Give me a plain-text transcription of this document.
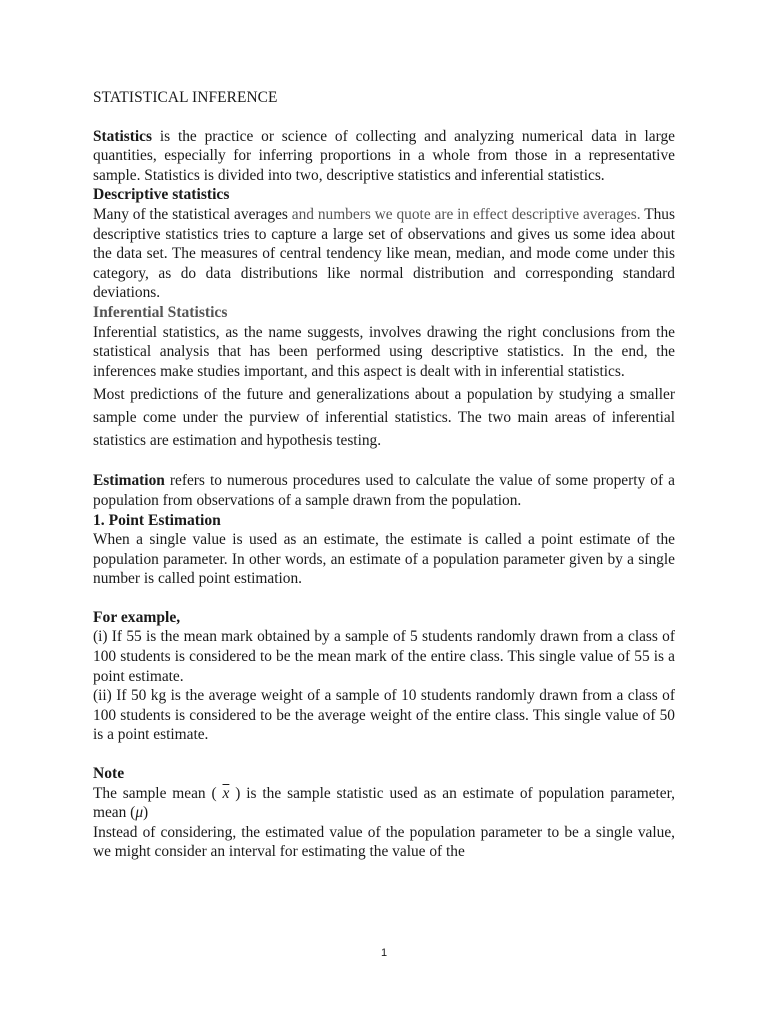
STATISTICAL INFERENCE

Statistics is the practice or science of collecting and analyzing numerical data in large quantities, especially for inferring proportions in a whole from those in a representative sample. Statistics is divided into two, descriptive statistics and inferential statistics.

Descriptive statistics

Many of the statistical averages and numbers we quote are in effect descriptive averages. Thus descriptive statistics tries to capture a large set of observations and gives us some idea about the data set. The measures of central tendency like mean, median, and mode come under this category, as do data distributions like normal distribution and corresponding standard deviations.

Inferential Statistics

Inferential statistics, as the name suggests, involves drawing the right conclusions from the statistical analysis that has been performed using descriptive statistics. In the end, the inferences make studies important, and this aspect is dealt with in inferential statistics.

Most predictions of the future and generalizations about a population by studying a smaller sample come under the purview of inferential statistics. The two main areas of inferential statistics are estimation and hypothesis testing.

Estimation refers to numerous procedures used to calculate the value of some property of a population from observations of a sample drawn from the population.

1. Point Estimation

When a single value is used as an estimate, the estimate is called a point estimate of the population parameter. In other words, an estimate of a population parameter given by a single number is called point estimation.

For example,

(i) If 55 is the mean mark obtained by a sample of 5 students randomly drawn from a class of 100 students is considered to be the mean mark of the entire class. This single value of 55 is a point estimate.

(ii) If 50 kg is the average weight of a sample of 10 students randomly drawn from a class of 100 students is considered to be the average weight of the entire class. This single value of 50 is a point estimate.

Note

The sample mean ( $\overline{x}$ ) is the sample statistic used as an estimate of population parameter, mean (μ)

Instead of considering, the estimated value of the population parameter to be a single value, we might consider an interval for estimating the value of the

1
